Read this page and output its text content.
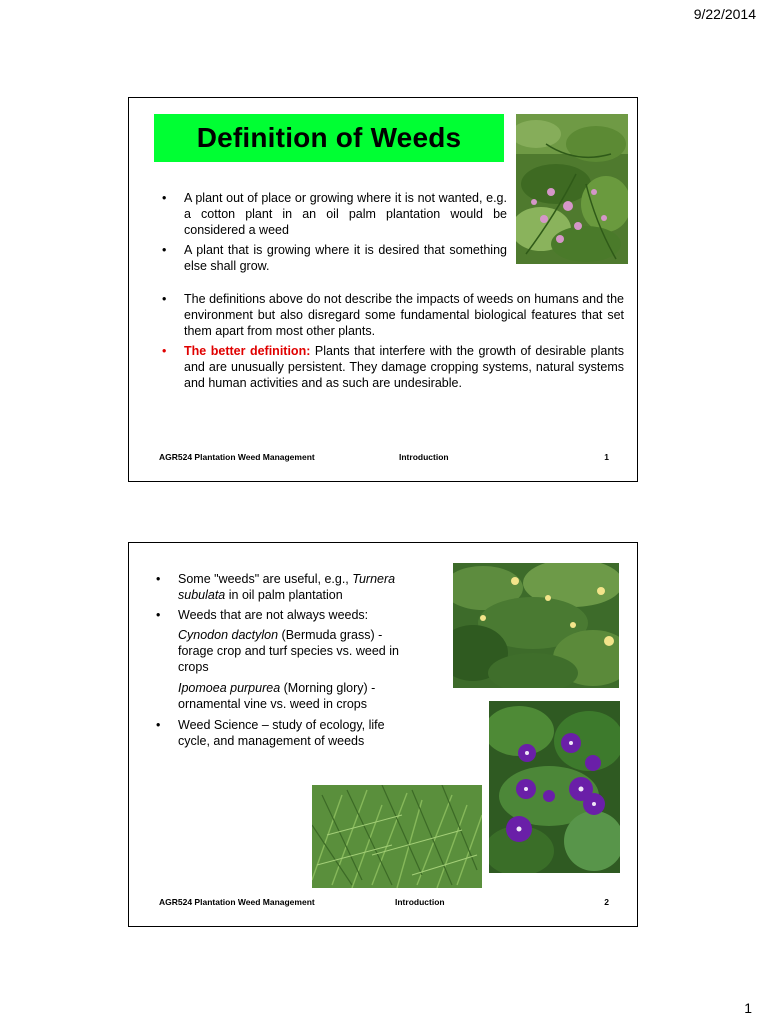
9/22/2014
Definition of Weeds
• A plant out of place or growing where it is not wanted, e.g. a cotton plant in an oil palm plantation would be considered a weed
• A plant that is growing where it is desired that something else shall grow.
• The definitions above do not describe the impacts of weeds on humans and the environment but also disregard some fundamental biological features that set them apart from most other plants.
• The better definition: Plants that interfere with the growth of desirable plants and are unusually persistent. They damage cropping systems, natural systems and human activities and as such are undesirable.
AGR524 Plantation Weed Management	Introduction	1
• Some "weeds" are useful, e.g., Turnera subulata in oil palm plantation
• Weeds that are not always weeds:
Cynodon dactylon (Bermuda grass) - forage crop and turf species vs. weed in crops
Ipomoea purpurea (Morning glory) - ornamental vine vs. weed in crops
• Weed Science – study of ecology, life cycle, and management of weeds
AGR524 Plantation Weed Management	Introduction	2
1
